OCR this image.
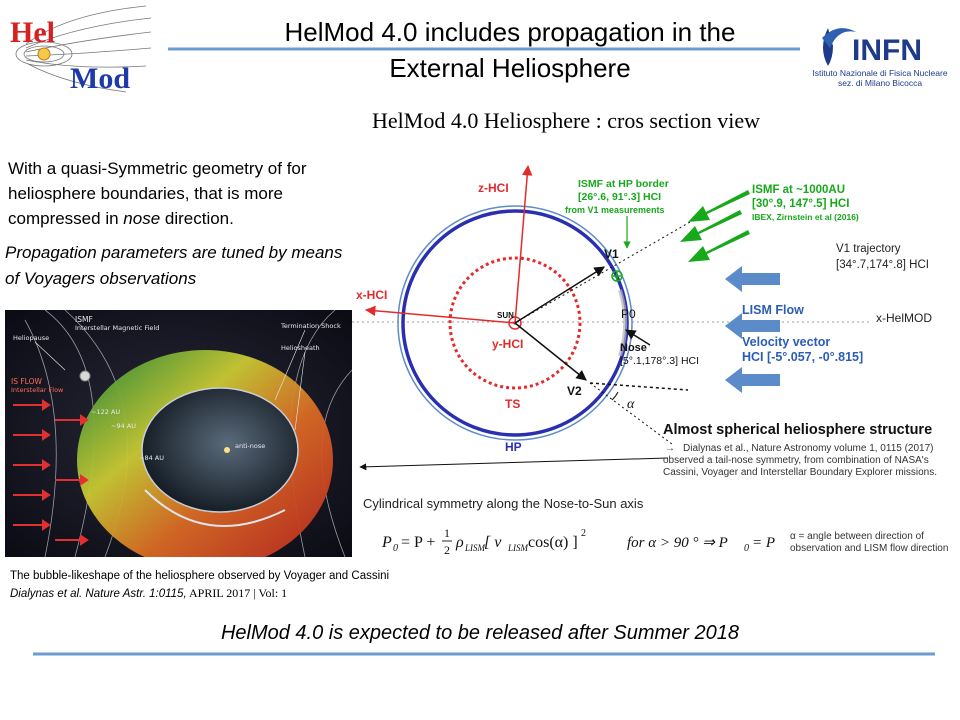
Hel
Mod
HelMod 4.0 includes propagation in the
External Heliosphere
INFN
Istituto Nazionale di Fisica Nucleare
sez. di Milano Bicocca
HelMod 4.0 Heliosphere : cros section view
With a quasi-Symmetric geometry of for heliosphere boundaries, that is more compressed in nose direction.
Propagation parameters are tuned by means of Voyagers observations
ISMF
Interstellar Magnetic Field	Termination Shock
Heliopause
Heliosheath
IS FLOW
Interstellar Flow
~122 AU
~94 AU
anti-nose
~84 AU
The bubble-likeshape of the heliosphere observed by Voyager and Cassini
Dialynas et al. Nature Astr. 1:0115, APRIL 2017 | Vol: 1
z-HCI
x-HCI
y-HCI
SUN
TS
HP
V1
V2
P0
α
Nose
[5°.1,178°.3] HCI
ISMF at HP border
[26°.6, 91°.3] HCI
from V1 measurements
ISMF at ~1000AU
[30°.9, 147°.5] HCI
IBEX, Zirnstein et al (2016)
V1 trajectory
[34°.7,174°.8] HCI
LISM Flow
x-HelMOD
Velocity vector
HCI [-5°.057, -0°.815]
Almost spherical heliosphere structure
→ Dialynas et al., Nature Astronomy volume 1, 0115 (2017)
observed a tail-nose symmetry, from combination of NASA's
Cassini, Voyager and Interstellar Boundary Explorer missions.
Cylindrical symmetry along the Nose-to-Sun axis
P 0 = P +
1
2 ρ LISM [ v LISM cos(α) ]
2
for α > 90 ° ⇒ P 0 = P α = angle between direction of
observation and LISM flow direction
HelMod 4.0 is expected to be released after Summer 2018
